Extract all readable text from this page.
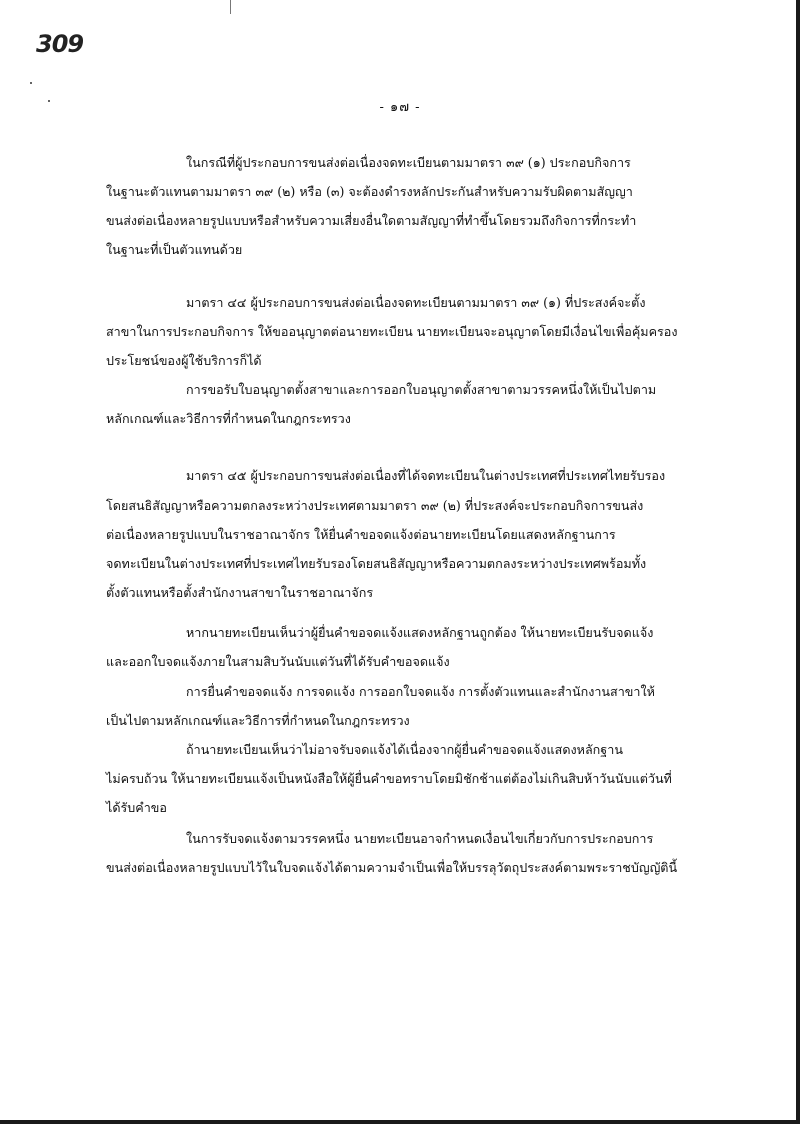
309
- ๑๗ -
ในกรณีที่ผู้ประกอบการขนส่งต่อเนื่องจดทะเบียนตามมาตรา ๓๙ (๑) ประกอบกิจการ
ในฐานะตัวแทนตามมาตรา ๓๙ (๒) หรือ (๓) จะต้องดำรงหลักประกันสำหรับความรับผิดตามสัญญา
ขนส่งต่อเนื่องหลายรูปแบบหรือสำหรับความเสี่ยงอื่นใดตามสัญญาที่ทำขึ้นโดยรวมถึงกิจการที่กระทำ
ในฐานะที่เป็นตัวแทนด้วย
มาตรา ๔๔ ผู้ประกอบการขนส่งต่อเนื่องจดทะเบียนตามมาตรา ๓๙ (๑) ที่ประสงค์จะตั้ง
สาขาในการประกอบกิจการ ให้ขออนุญาตต่อนายทะเบียน นายทะเบียนจะอนุญาตโดยมีเงื่อนไขเพื่อคุ้มครอง
ประโยชน์ของผู้ใช้บริการก็ได้
การขอรับใบอนุญาตตั้งสาขาและการออกใบอนุญาตตั้งสาขาตามวรรคหนึ่งให้เป็นไปตาม
หลักเกณฑ์และวิธีการที่กำหนดในกฎกระทรวง
มาตรา ๔๕ ผู้ประกอบการขนส่งต่อเนื่องที่ได้จดทะเบียนในต่างประเทศที่ประเทศไทยรับรอง
โดยสนธิสัญญาหรือความตกลงระหว่างประเทศตามมาตรา ๓๙ (๒) ที่ประสงค์จะประกอบกิจการขนส่ง
ต่อเนื่องหลายรูปแบบในราชอาณาจักร ให้ยื่นคำขอจดแจ้งต่อนายทะเบียนโดยแสดงหลักฐานการ
จดทะเบียนในต่างประเทศที่ประเทศไทยรับรองโดยสนธิสัญญาหรือความตกลงระหว่างประเทศพร้อมทั้ง
ตั้งตัวแทนหรือตั้งสำนักงานสาขาในราชอาณาจักร
หากนายทะเบียนเห็นว่าผู้ยื่นคำขอจดแจ้งแสดงหลักฐานถูกต้อง ให้นายทะเบียนรับจดแจ้ง
และออกใบจดแจ้งภายในสามสิบวันนับแต่วันที่ได้รับคำขอจดแจ้ง
การยื่นคำขอจดแจ้ง การจดแจ้ง การออกใบจดแจ้ง การตั้งตัวแทนและสำนักงานสาขาให้
เป็นไปตามหลักเกณฑ์และวิธีการที่กำหนดในกฎกระทรวง
ถ้านายทะเบียนเห็นว่าไม่อาจรับจดแจ้งได้เนื่องจากผู้ยื่นคำขอจดแจ้งแสดงหลักฐาน
ไม่ครบถ้วน ให้นายทะเบียนแจ้งเป็นหนังสือให้ผู้ยื่นคำขอทราบโดยมิชักช้าแต่ต้องไม่เกินสิบห้าวันนับแต่วันที่
ได้รับคำขอ
ในการรับจดแจ้งตามวรรคหนึ่ง นายทะเบียนอาจกำหนดเงื่อนไขเกี่ยวกับการประกอบการ
ขนส่งต่อเนื่องหลายรูปแบบไว้ในใบจดแจ้งได้ตามความจำเป็นเพื่อให้บรรลุวัตถุประสงค์ตามพระราชบัญญัตินี้
